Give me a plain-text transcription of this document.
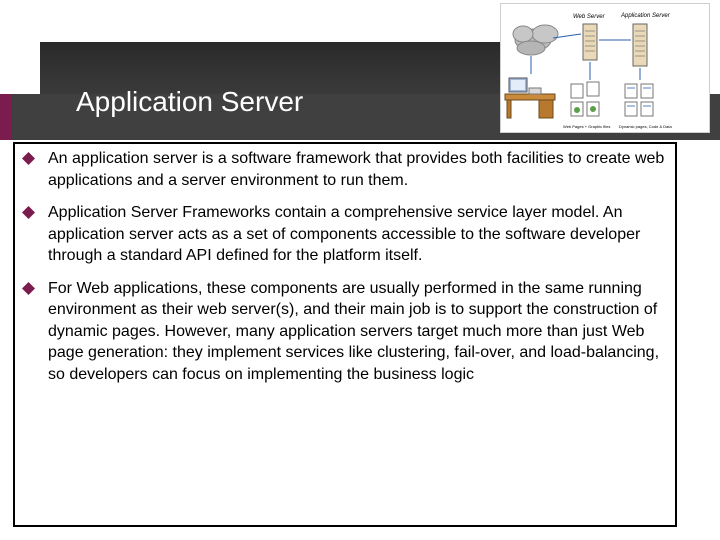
Application Server
Web Server	Application Server
Web Pages + Graphic files Dynamic pages, Code & Data
An application server is a software framework that provides both facilities to create web applications and a server environment to run them.
Application Server Frameworks contain a comprehensive service layer model. An application server acts as a set of components accessible to the software developer through a standard API defined for the platform itself.
For Web applications, these components are usually performed in the same running environment as their web server(s), and their main job is to support the construction of dynamic pages. However, many application servers target much more than just Web page generation: they implement services like clustering, fail-over, and load-balancing, so developers can focus on implementing the business logic
